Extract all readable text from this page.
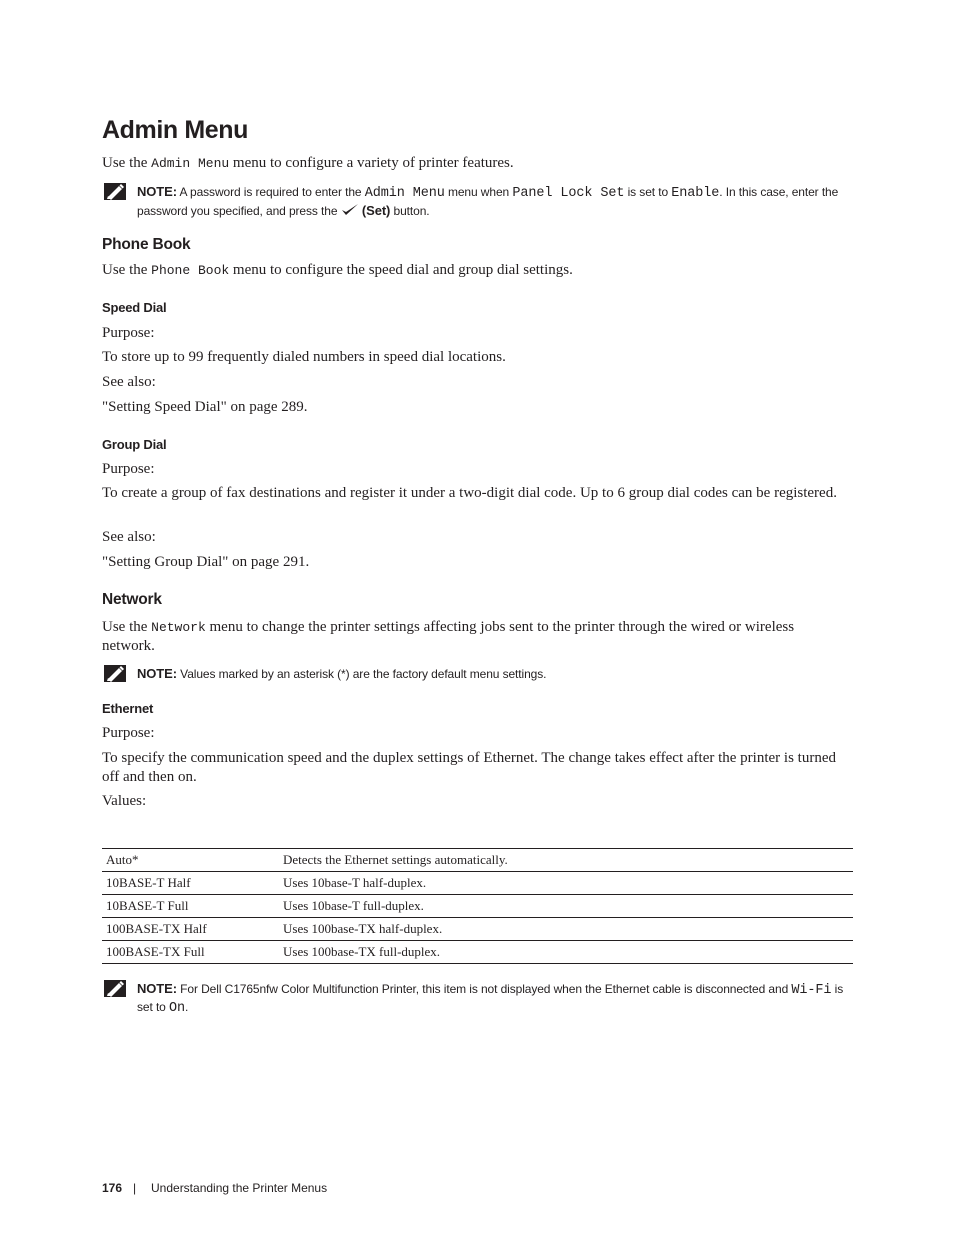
Admin Menu

Use the Admin Menu menu to configure a variety of printer features.

NOTE: A password is required to enter the Admin Menu menu when Panel Lock Set is set to Enable. In this case, enter the password you specified, and press the  (Set) button.
Phone Book

Use the Phone Book menu to configure the speed dial and group dial settings.

Speed Dial

Purpose:

To store up to 99 frequently dialed numbers in speed dial locations.

See also:

"Setting Speed Dial" on page 289.

Group Dial

Purpose:

To create a group of fax destinations and register it under a two-digit dial code. Up to 6 group dial codes can be registered.

See also:

"Setting Group Dial" on page 291.

Network

Use the Network menu to change the printer settings affecting jobs sent to the printer through the wired or wireless network.

NOTE: Values marked by an asterisk (*) are the factory default menu settings.
Ethernet

Purpose:

To specify the communication speed and the duplex settings of Ethernet. The change takes effect after the printer is turned off and then on.

Values:

Auto*	Detects the Ethernet settings automatically.
10BASE-T Half	Uses 10base-T half-duplex.
10BASE-T Full	Uses 10base-T full-duplex.
100BASE-TX Half	Uses 100base-TX half-duplex.
100BASE-TX Full	Uses 100base-TX full-duplex.
NOTE: For Dell C1765nfw Color Multifunction Printer, this item is not displayed when the Ethernet cable is disconnected and Wi-Fi is set to On.
176 | Understanding the Printer Menus
